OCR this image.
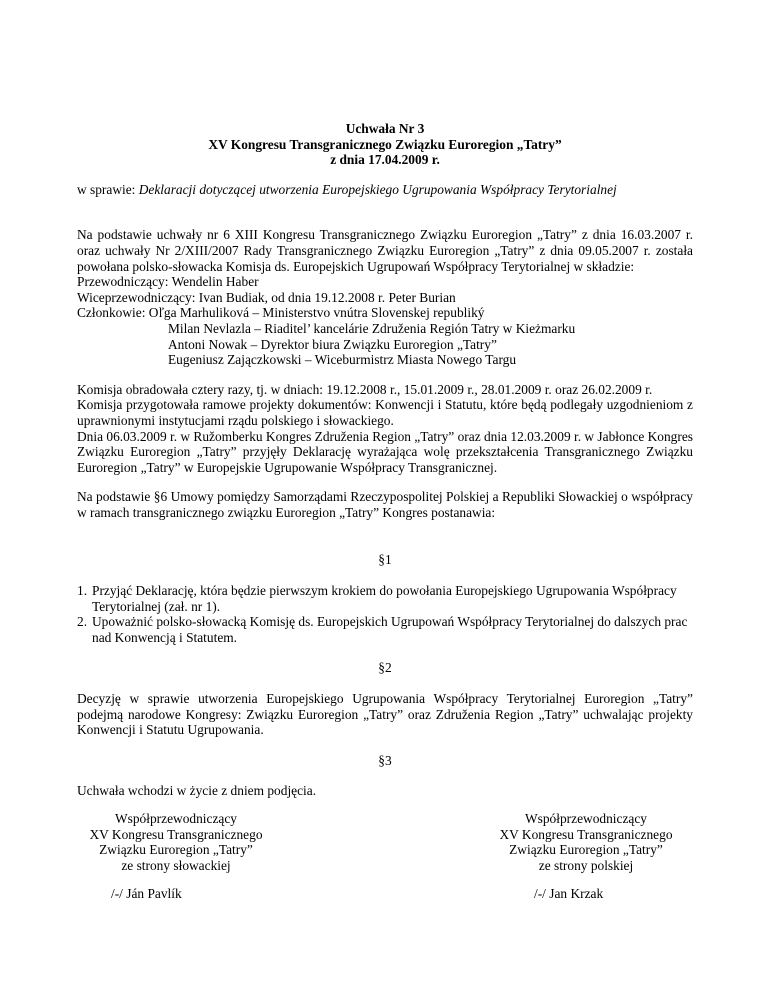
Uchwała Nr 3
XV Kongresu Transgranicznego Związku Euroregion „Tatry”
z dnia 17.04.2009 r.

w sprawie: Deklaracji dotyczącej utworzenia Europejskiego Ugrupowania Współpracy Terytorialnej

Na podstawie uchwały nr 6 XIII Kongresu Transgranicznego Związku Euroregion „Tatry” z dnia 16.03.2007 r. oraz uchwały Nr 2/XIII/2007 Rady Transgranicznego Związku Euroregion „Tatry” z dnia 09.05.2007 r. została powołana polsko-słowacka Komisja ds. Europejskich Ugrupowań Współpracy Terytorialnej w składzie:

Przewodniczący: Wendelin Haber
Wiceprzewodniczący: Ivan Budiak, od dnia 19.12.2008 r. Peter Burian
Członkowie: Oľga Marhuliková – Ministerstvo vnútra Slovenskej republiký
Milan Nevlazla – Riaditel’ kancelárie Združenia Región Tatry w Kieżmarku
Antoni Nowak – Dyrektor biura Związku Euroregion „Tatry”
Eugeniusz Zajączkowski – Wiceburmistrz Miasta Nowego Targu

Komisja obradowała cztery razy, tj. w dniach: 19.12.2008 r., 15.01.2009 r., 28.01.2009 r. oraz 26.02.2009 r.

Komisja przygotowała ramowe projekty dokumentów: Konwencji i Statutu, które będą podlegały uzgodnieniom z uprawnionymi instytucjami rządu polskiego i słowackiego.

Dnia 06.03.2009 r. w Ružomberku Kongres Združenia Region „Tatry” oraz dnia 12.03.2009 r. w Jabłonce Kongres Związku Euroregion „Tatry” przyjęły Deklarację wyrażająca wolę przekształcenia Transgranicznego Związku Euroregion „Tatry” w Europejskie Ugrupowanie Współpracy Transgranicznej.

Na podstawie §6 Umowy pomiędzy Samorządami Rzeczypospolitej Polskiej a Republiki Słowackiej o współpracy w ramach transgranicznego związku Euroregion „Tatry” Kongres postanawia:

§1

1. Przyjąć Deklarację, która będzie pierwszym krokiem do powołania Europejskiego Ugrupowania Współpracy Terytorialnej (zał. nr 1).
2. Upoważnić polsko-słowacką Komisję ds. Europejskich Ugrupowań Współpracy Terytorialnej do dalszych prac nad Konwencją i Statutem.

§2

Decyzję w sprawie utworzenia Europejskiego Ugrupowania Współpracy Terytorialnej Euroregion „Tatry” podejmą narodowe Kongresy: Związku Euroregion „Tatry” oraz Združenia Region „Tatry” uchwalając projekty Konwencji i Statutu Ugrupowania.

§3

Uchwała wchodzi w życie z dniem podjęcia.

Współprzewodniczący
XV Kongresu Transgranicznego
Związku Euroregion „Tatry”
ze strony słowackiej
/-/ Ján Pavlík
Współprzewodniczący
XV Kongresu Transgranicznego
Związku Euroregion „Tatry”
ze strony polskiej
/-/ Jan Krzak
